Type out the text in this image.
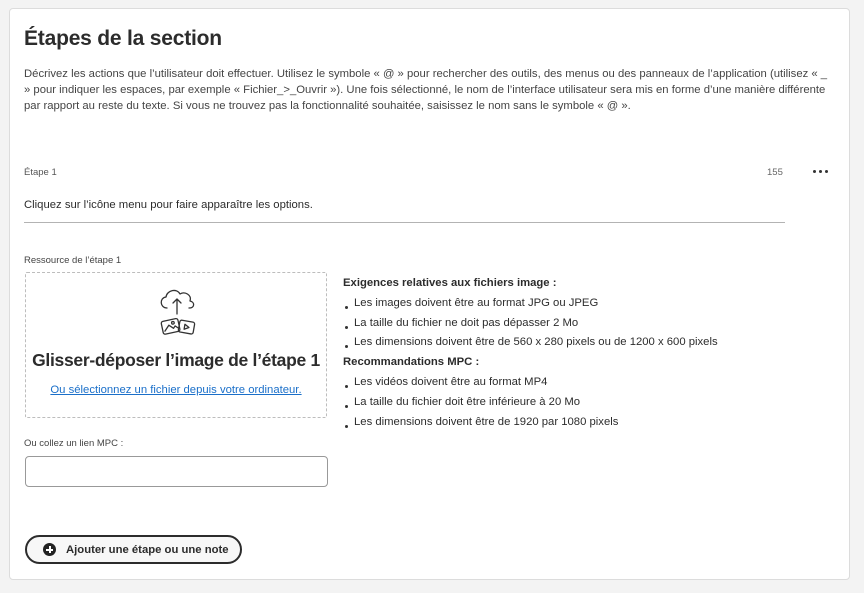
Étapes de la section

Décrivez les actions que l’utilisateur doit effectuer. Utilisez le symbole « @ » pour rechercher des outils, des menus ou des panneaux de l’application (utilisez « _ » pour indiquer les espaces, par exemple « Fichier_>_Ouvrir »). Une fois sélectionné, le nom de l’interface utilisateur sera mis en forme d’une manière différente par rapport au reste du texte. Si vous ne trouvez pas la fonctionnalité souhaitée, saisissez le nom sans le symbole « @ ».

Étape 1	155
Cliquez sur l’icône menu pour faire apparaître les options.
Ressource de l’étape 1
Glisser-déposer l’image de l’étape 1
Ou sélectionnez un fichier depuis votre ordinateur.
Exigences relatives aux fichiers image :
Les images doivent être au format JPG ou JPEG
La taille du fichier ne doit pas dépasser 2 Mo
Les dimensions doivent être de 560 x 280 pixels ou de 1200 x 600 pixels
Recommandations MPC :
Les vidéos doivent être au format MP4
La taille du fichier doit être inférieure à 20 Mo
Les dimensions doivent être de 1920 par 1080 pixels
Ou collez un lien MPC :
Ajouter une étape ou une note
